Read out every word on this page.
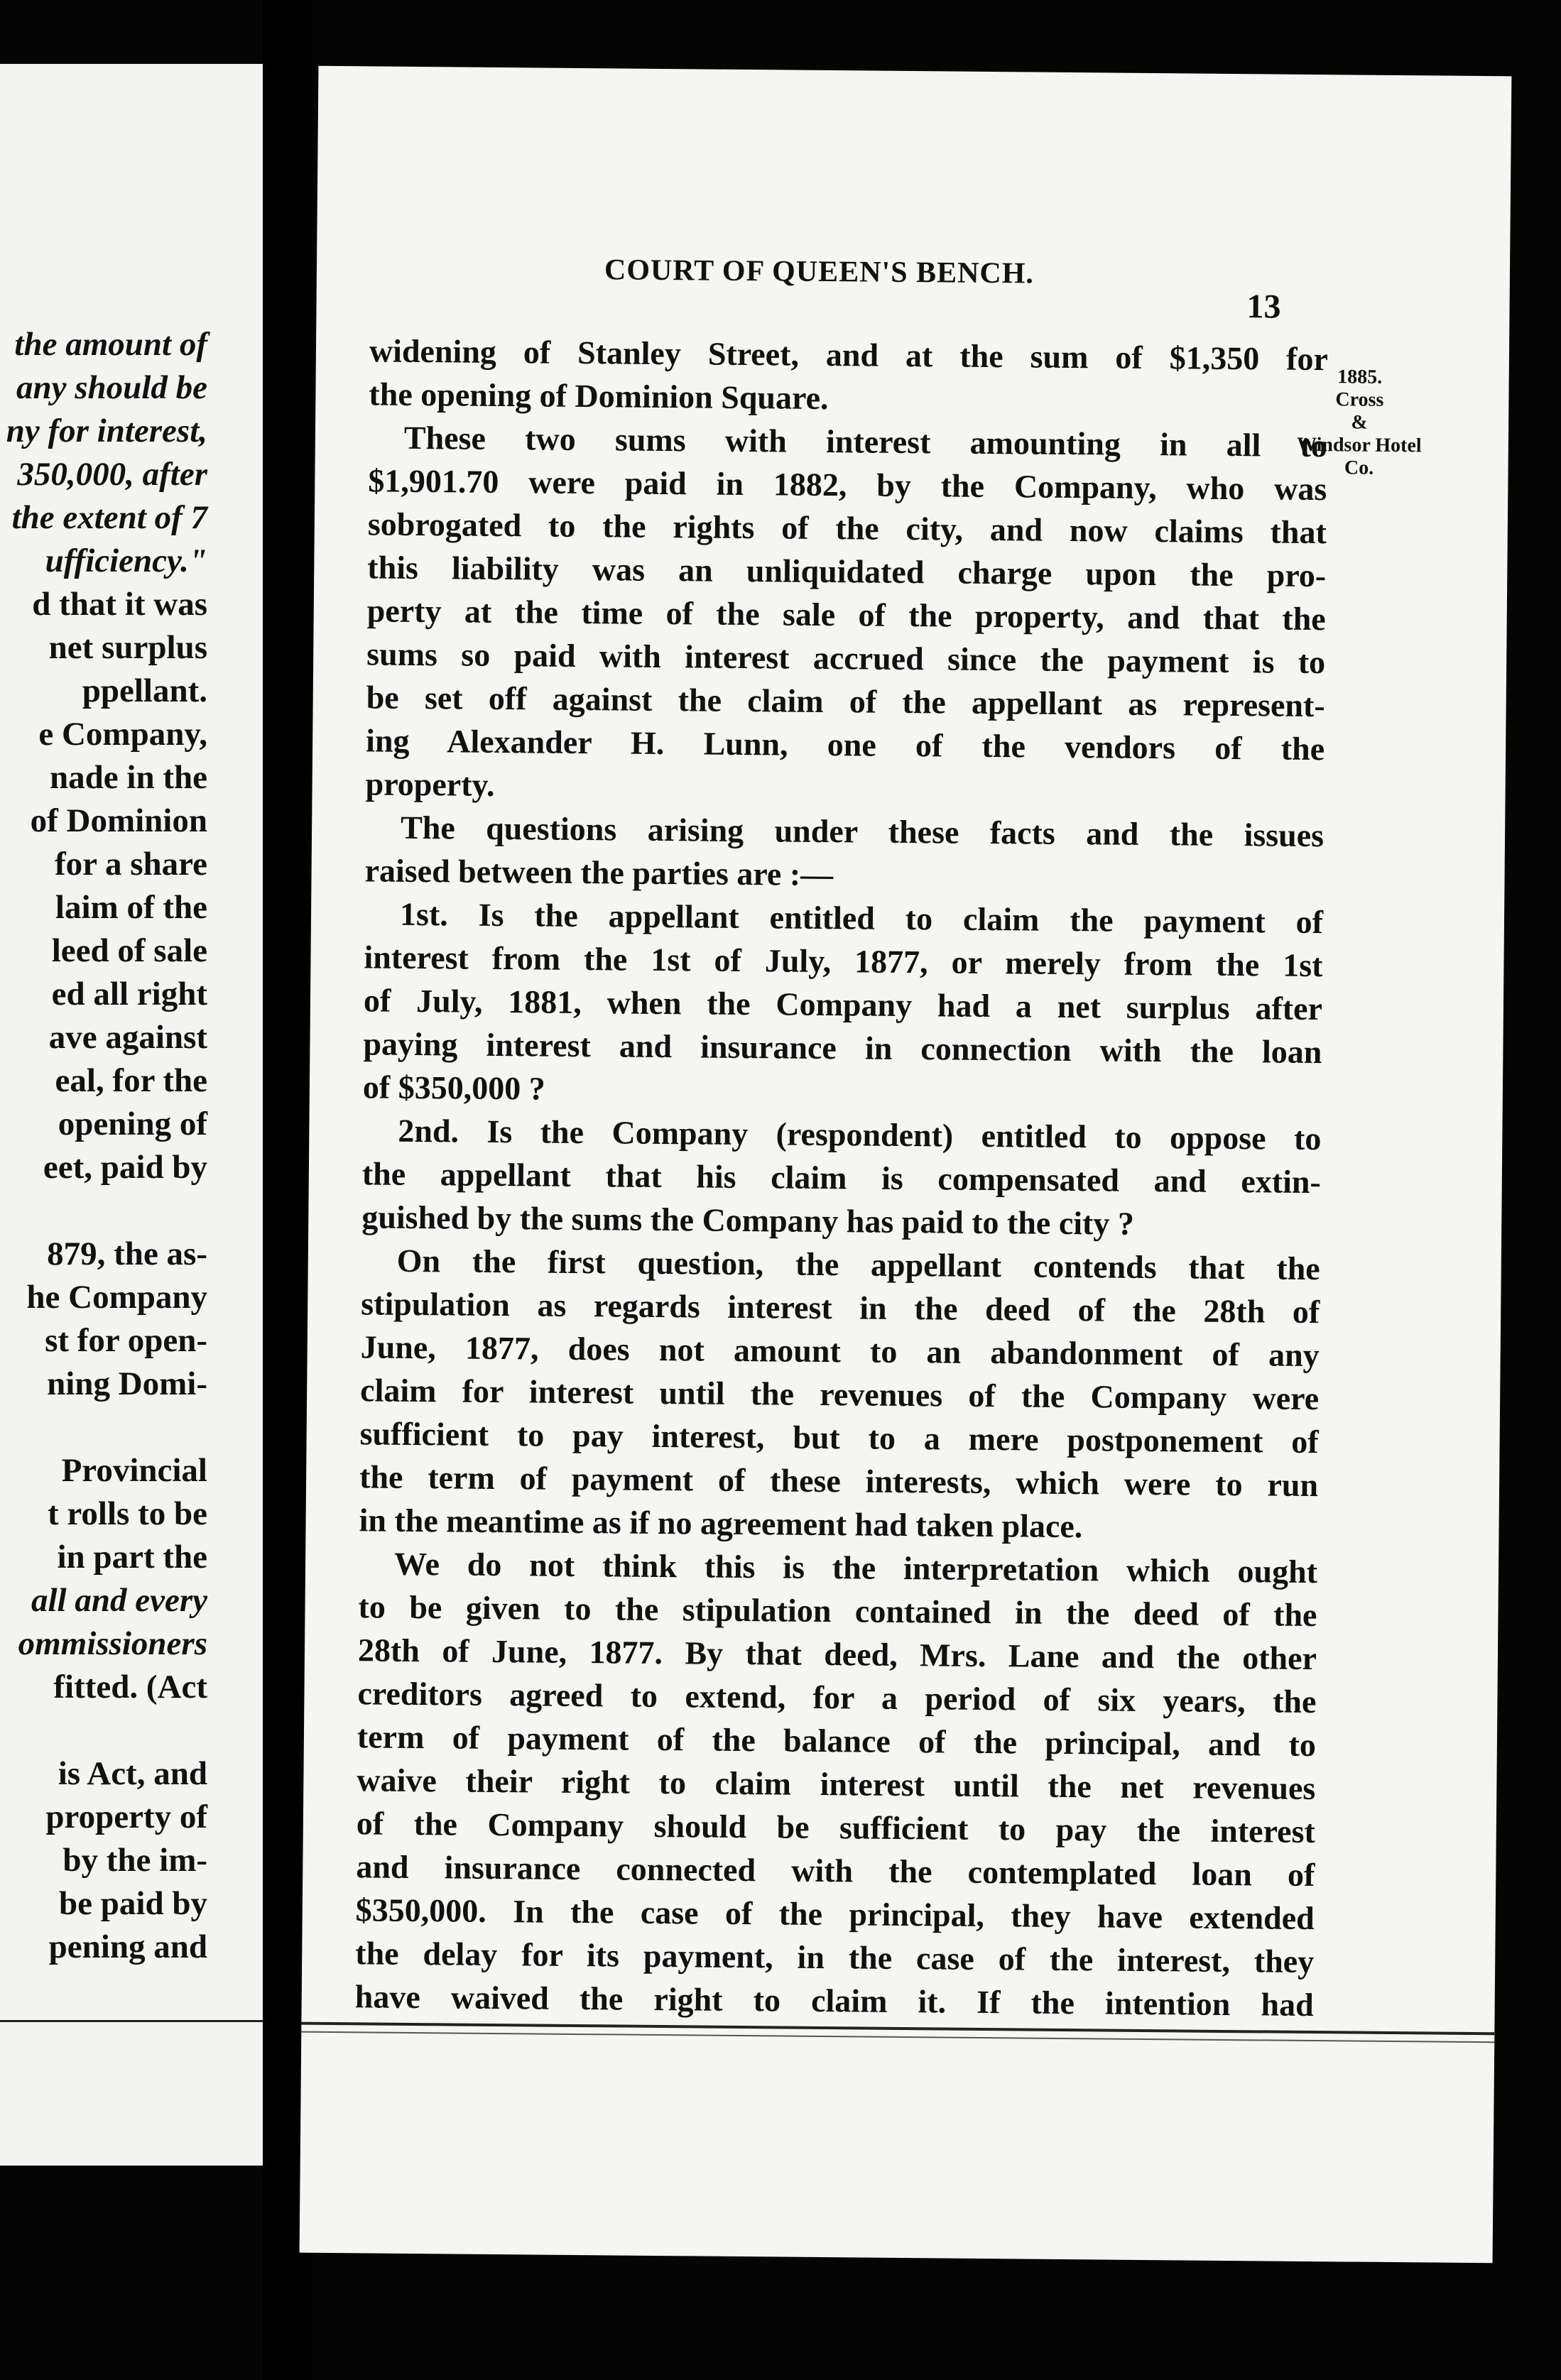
the amount of
any should be
ny for interest,
350,000, after
the extent of 7
ufficiency."
d that it was
net surplus
ppellant.
e Company,
nade in the
of Dominion
for a share
laim of the
leed of sale
ed all right
ave against
eal, for the
opening of
eet, paid by
879, the as-
he Company
st for open-
ning Domi-
Provincial
t rolls to be
in part the
all and every
ommissioners
fitted. (Act
is Act, and
property of
by the im-
be paid by
pening and
COURT OF QUEEN'S BENCH.
13
1885.
Cross
&
Windsor Hotel
Co.
widening of Stanley Street, and at the sum of $1,350 for
the opening of Dominion Square.
These two sums with interest amounting in all to
$1,901.70 were paid in 1882, by the Company, who was
sobrogated to the rights of the city, and now claims that
this liability was an unliquidated charge upon the pro-
perty at the time of the sale of the property, and that the
sums so paid with interest accrued since the payment is to
be set off against the claim of the appellant as represent-
ing Alexander H. Lunn, one of the vendors of the
property.
The questions arising under these facts and the issues
raised between the parties are :—
1st. Is the appellant entitled to claim the payment of
interest from the 1st of July, 1877, or merely from the 1st
of July, 1881, when the Company had a net surplus after
paying interest and insurance in connection with the loan
of $350,000 ?
2nd. Is the Company (respondent) entitled to oppose to
the appellant that his claim is compensated and extin-
guished by the sums the Company has paid to the city ?
On the first question, the appellant contends that the
stipulation as regards interest in the deed of the 28th of
June, 1877, does not amount to an abandonment of any
claim for interest until the revenues of the Company were
sufficient to pay interest, but to a mere postponement of
the term of payment of these interests, which were to run
in the meantime as if no agreement had taken place.
We do not think this is the interpretation which ought
to be given to the stipulation contained in the deed of the
28th of June, 1877. By that deed, Mrs. Lane and the other
creditors agreed to extend, for a period of six years, the
term of payment of the balance of the principal, and to
waive their right to claim interest until the net revenues
of the Company should be sufficient to pay the interest
and insurance connected with the contemplated loan of
$350,000. In the case of the principal, they have extended
the delay for its payment, in the case of the interest, they
have waived the right to claim it. If the intention had
